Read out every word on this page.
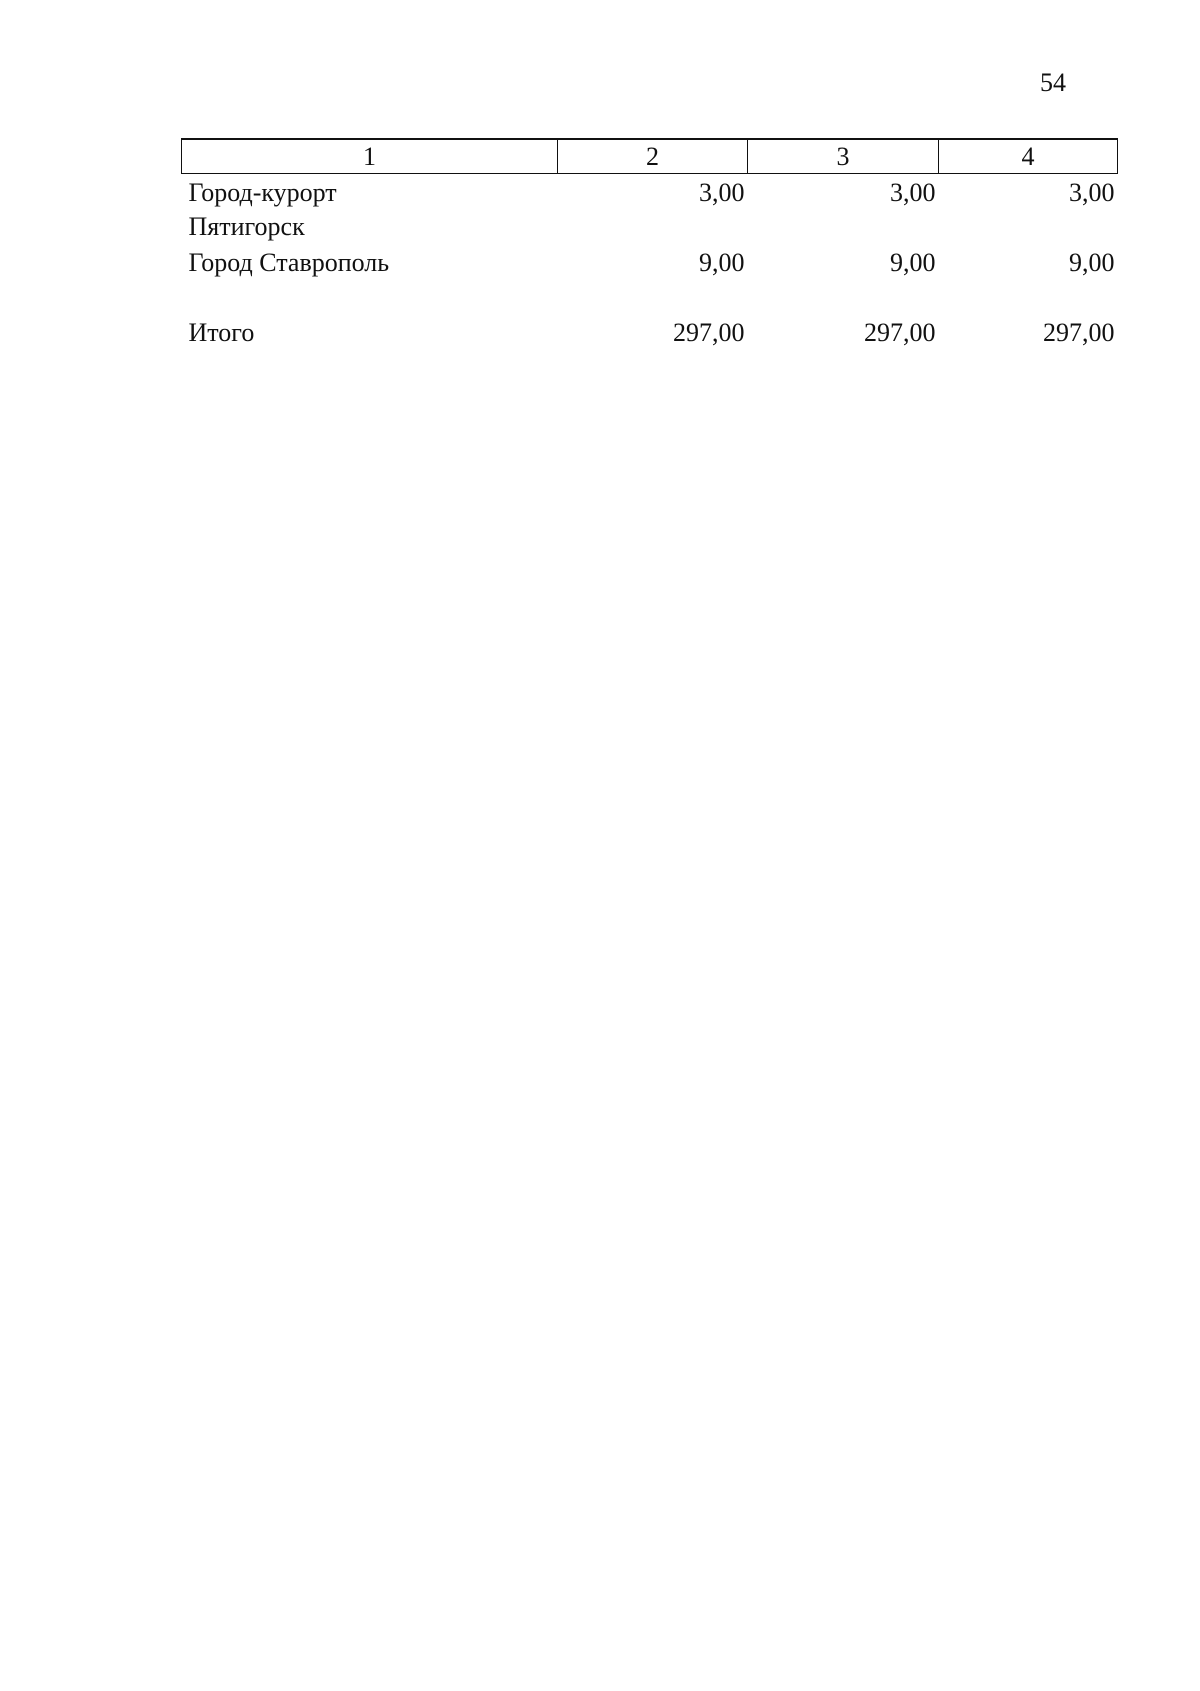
54
1	2	3	4

Город-курорт
Пятигорск	3,00	3,00	3,00

Город Ставрополь	9,00	9,00	9,00

Итого	297,00	297,00	297,00
